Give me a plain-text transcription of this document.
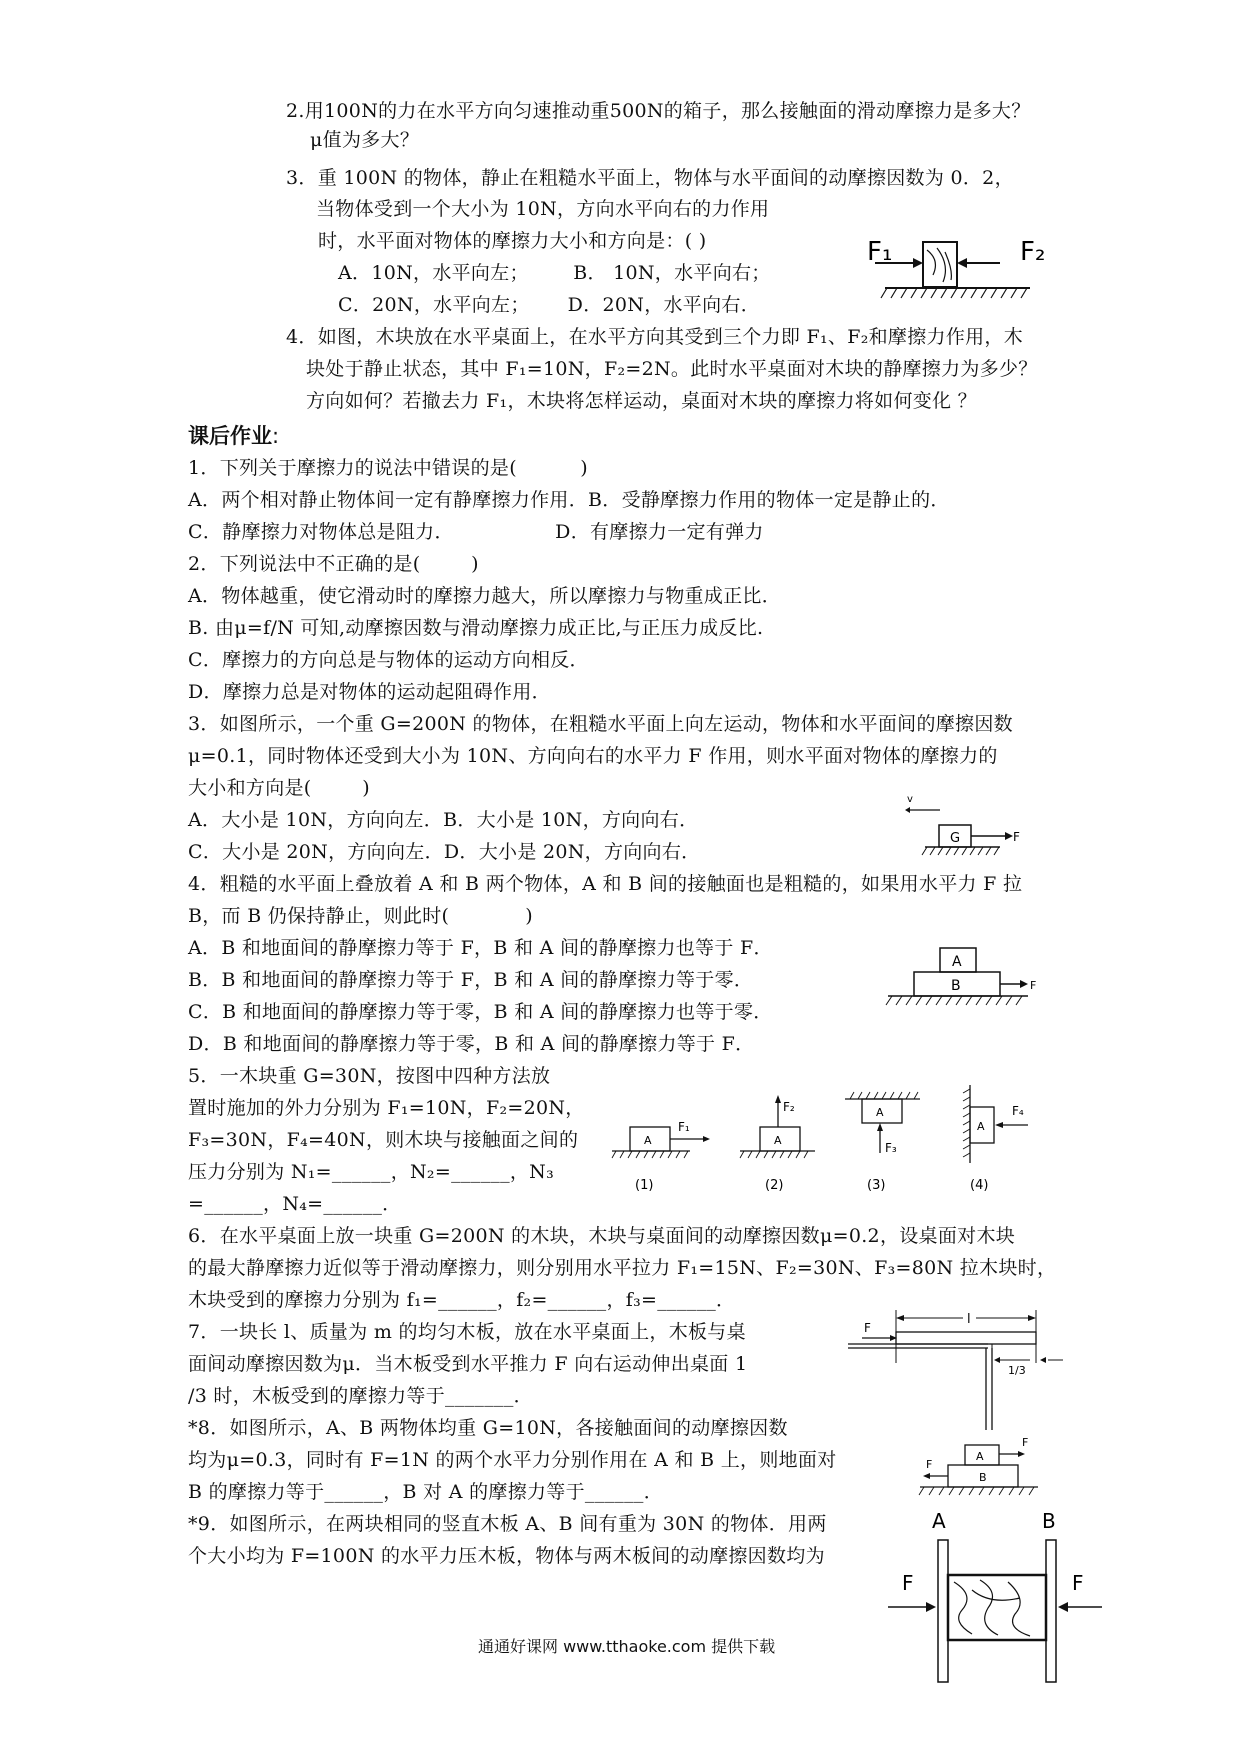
2.用100N的力在水平方向匀速推动重500N的箱子，那么接触面的滑动摩擦力是多大？
μ值为多大？
3．重 100N 的物体，静止在粗糙水平面上，物体与水平面间的动摩擦因数为 0．2，
当物体受到一个大小为 10N，方向水平向右的力作用
时，水平面对物体的摩擦力大小和方向是：( )
A．10N，水平向左；       B． 10N，水平向右；
C．20N，水平向左；      D．20N，水平向右．
4．如图，木块放在水平桌面上，在水平方向其受到三个力即 F₁、F₂和摩擦力作用，木
块处于静止状态，其中 F₁=10N，F₂=2N。此时水平桌面对木块的静摩擦力为多少？
方向如何？若撤去力 F₁，木块将怎样运动，桌面对木块的摩擦力将如何变化 ？
F₁	F₂
课后作业:
1．下列关于摩擦力的说法中错误的是(          )
A．两个相对静止物体间一定有静摩擦力作用．B．受静摩擦力作用的物体一定是静止的．
C．静摩擦力对物体总是阻力．                D．有摩擦力一定有弹力
2．下列说法中不正确的是(        )
A．物体越重，使它滑动时的摩擦力越大，所以摩擦力与物重成正比．
B. 由μ=f/N 可知,动摩擦因数与滑动摩擦力成正比,与正压力成反比.
C．摩擦力的方向总是与物体的运动方向相反．
D．摩擦力总是对物体的运动起阻碍作用．
3．如图所示，一个重 G=200N 的物体，在粗糙水平面上向左运动，物体和水平面间的摩擦因数
μ=0.1，同时物体还受到大小为 10N、方向向右的水平力 F 作用，则水平面对物体的摩擦力的
大小和方向是(        )
A．大小是 10N，方向向左．B．大小是 10N，方向向右．
C．大小是 20N，方向向左．D．大小是 20N，方向向右．
v
G	F
4．粗糙的水平面上叠放着 A 和 B 两个物体，A 和 B 间的接触面也是粗糙的，如果用水平力 F 拉
B，而 B 仍保持静止，则此时(            )
A．B 和地面间的静摩擦力等于 F，B 和 A 间的静摩擦力也等于 F．
B．B 和地面间的静摩擦力等于 F，B 和 A 间的静摩擦力等于零．
C．B 和地面间的静摩擦力等于零，B 和 A 间的静摩擦力也等于零．
D．B 和地面间的静摩擦力等于零，B 和 A 间的静摩擦力等于 F．
A
B	F
5．一木块重 G=30N，按图中四种方法放
置时施加的外力分别为 F₁=10N，F₂=20N，
F₃=30N，F₄=40N，则木块与接触面之间的
压力分别为 N₁=______，N₂=______，N₃
=______，N₄=______．
A
F₁
(1)
A
F₂
(2)
A
F₃
(3)
A
F₄
(4)
6．在水平桌面上放一块重 G=200N 的木块，木块与桌面间的动摩擦因数μ=0.2，设桌面对木块
的最大静摩擦力近似等于滑动摩擦力，则分别用水平拉力 F₁=15N、F₂=30N、F₃=80N 拉木块时，
木块受到的摩擦力分别为 f₁=______，f₂=______，f₃=______．
7．一块长 l、质量为 m 的均匀木板，放在水平桌面上，木板与桌
面间动摩擦因数为μ．当木板受到水平推力 F 向右运动伸出桌面 1
/3 时，木板受到的摩擦力等于_______．
l
F
1/3
*8．如图所示，A、B 两物体均重 G=10N，各接触面间的动摩擦因数
均为μ=0.3，同时有 F=1N 的两个水平力分别作用在 A 和 B 上，则地面对
B 的摩擦力等于______，B 对 A 的摩擦力等于______．
A
F
B
F
*9．如图所示，在两块相同的竖直木板 A、B 间有重为 30N 的物体．用两
个大小均为 F=100N 的水平力压木板，物体与两木板间的动摩擦因数均为
A	B
F	F
通通好课网 www.tthaoke.com 提供下载
